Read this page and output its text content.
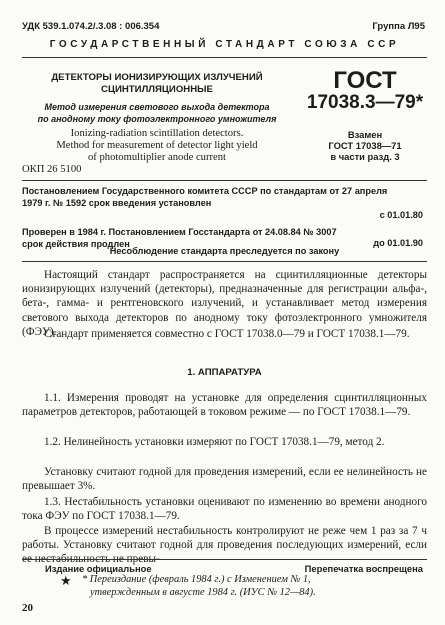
УДК 539.1.074.2/.3.08 : 006.354	Группа Л95
ГОСУДАРСТВЕННЫЙ СТАНДАРТ СОЮЗА ССР
ДЕТЕКТОРЫ ИОНИЗИРУЮЩИХ ИЗЛУЧЕНИЙ
СЦИНТИЛЛЯЦИОННЫЕ
Метод измерения светового выхода детектора
по анодному току фотоэлектронного умножителя
Ionizing-radiation scintillation detectors.
Method for measurement of detector light yield
of photomultiplier anode current
ОКП 26 5100
ГОСТ
17038.3—79*
Взамен
ГОСТ 17038—71
в части разд. 3
Постановлением Государственного комитета СССР по стандартам от 27 апреля
1979 г. № 1592 срок введения установлен
с 01.01.80
Проверен в 1984 г. Постановлением Госстандарта от 24.08.84 № 3007
срок действия продлен	до 01.01.90
Несоблюдение стандарта преследуется по закону
Настоящий стандарт распространяется на сцинтилляционные детекторы ионизирующих излучений (детекторы), предназначенные для регистрации альфа-, бета-, гамма- и рентгеновского излучений, и устанавливает метод измерения светового выхода детекторов по анодному току фотоэлектронного умножителя (ФЭУ).
Стандарт применяется совместно с ГОСТ 17038.0—79 и ГОСТ 17038.1—79.
1. АППАРАТУРА
1.1. Измерения проводят на установке для определения сцинтилляционных параметров детекторов, работающей в токовом режиме — по ГОСТ 17038.1—79.
1.2. Нелинейность установки измеряют по ГОСТ 17038.1—79, метод 2.
Установку считают годной для проведения измерений, если ее нелинейность не превышает 3%.
1.3. Нестабильность установки оценивают по изменению во времени анодного тока ФЭУ по ГОСТ 17038.1—79.
В процессе измерений нестабильность контролируют не реже чем 1 раз за 7 ч работы. Установку считают годной для проведения последующих измерений, если ее нестабильность не превы-
Издание официальное	Перепечатка воспрещена
★ * Переиздание (февраль 1984 г.) с Изменением № 1,
утвержденным в августе 1984 г. (ИУС № 12—84).
20
